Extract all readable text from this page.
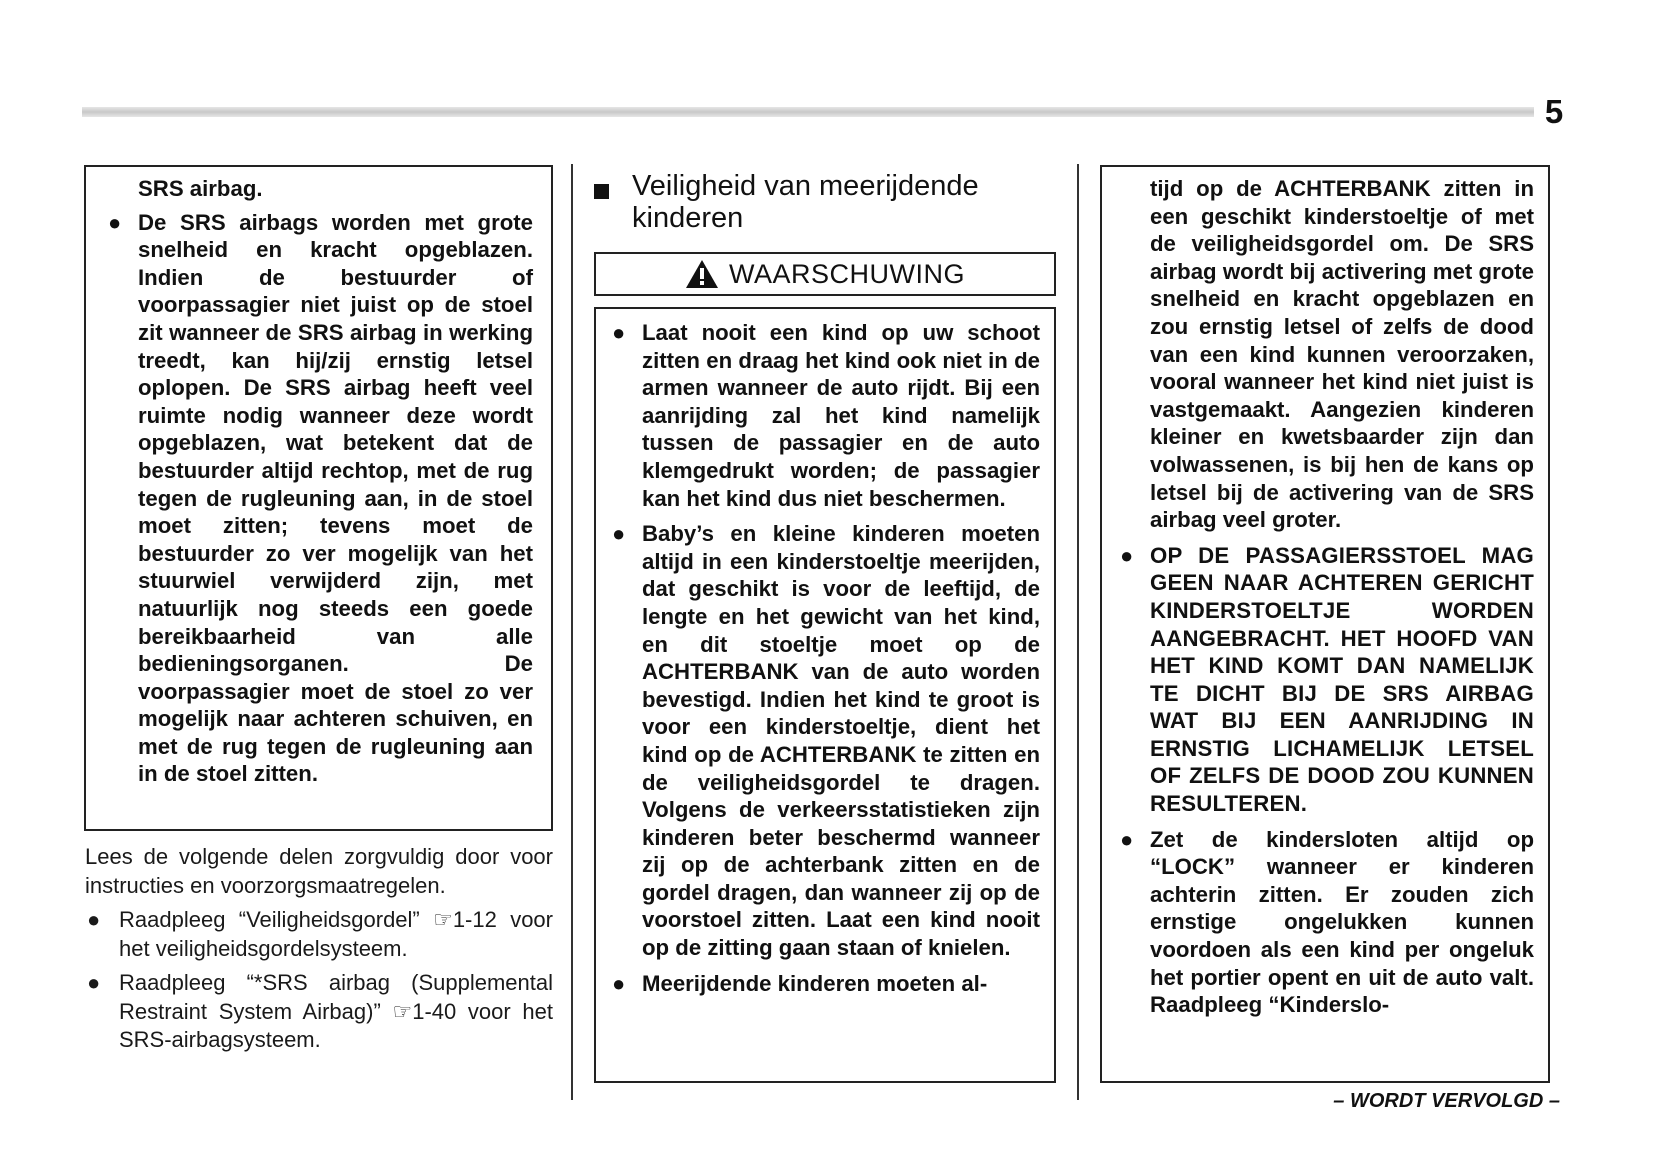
5

SRS airbag.

● De SRS airbags worden met grote snelheid en kracht opgeblazen. Indien de bestuurder of voorpassagier niet juist op de stoel zit wanneer de SRS airbag in werking treedt, kan hij/zij ernstig letsel oplopen. De SRS airbag heeft veel ruimte nodig wanneer deze wordt opgeblazen, wat betekent dat de bestuurder altijd rechtop, met de rug tegen de rugleuning aan, in de stoel moet zitten; tevens moet de bestuurder zo ver mogelijk van het stuurwiel verwijderd zijn, met natuurlijk nog steeds een goede bereikbaarheid van alle bedieningsorganen. De voorpassagier moet de stoel zo ver mogelijk naar achteren schuiven, en met de rug tegen de rugleuning aan in de stoel zitten.

Lees de volgende delen zorgvuldig door voor instructies en voorzorgsmaatregelen.

● Raadpleeg “Veiligheidsgordel” ☞1-12 voor het veiligheidsgordelsysteem.
● Raadpleeg “*SRS airbag (Supplemental Restraint System Airbag)” ☞1-40 voor het SRS-airbagsysteem.
Veiligheid van meerijdende kinderen
WAARSCHUWING
● Laat nooit een kind op uw schoot zitten en draag het kind ook niet in de armen wanneer de auto rijdt. Bij een aanrijding zal het kind namelijk tussen de passagier en de auto klemgedrukt worden; de passagier kan het kind dus niet beschermen.
● Baby’s en kleine kinderen moeten altijd in een kinderstoeltje meerijden, dat geschikt is voor de leeftijd, de lengte en het gewicht van het kind, en dit stoeltje moet op de ACHTERBANK van de auto worden bevestigd. Indien het kind te groot is voor een kinderstoeltje, dient het kind op de ACHTERBANK te zitten en de veiligheidsgordel te dragen. Volgens de verkeersstatistieken zijn kinderen beter beschermd wanneer zij op de achterbank zitten en de gordel dragen, dan wanneer zij op de voorstoel zitten. Laat een kind nooit op de zitting gaan staan of knielen.
● Meerijdende kinderen moeten al-

tijd op de ACHTERBANK zitten in een geschikt kinderstoeltje of met de veiligheidsgordel om. De SRS airbag wordt bij activering met grote snelheid en kracht opgeblazen en zou ernstig letsel of zelfs de dood van een kind kunnen veroorzaken, vooral wanneer het kind niet juist is vastgemaakt. Aangezien kinderen kleiner en kwetsbaarder zijn dan volwassenen, is bij hen de kans op letsel bij de activering van de SRS airbag veel groter.

● OP DE PASSAGIERSSTOEL MAG GEEN NAAR ACHTEREN GERICHT KINDERSTOELTJE WORDEN AANGEBRACHT. HET HOOFD VAN HET KIND KOMT DAN NAMELIJK TE DICHT BIJ DE SRS AIRBAG WAT BIJ EEN AANRIJDING IN ERNSTIG LICHAMELIJK LETSEL OF ZELFS DE DOOD ZOU KUNNEN RESULTEREN.
● Zet de kindersloten altijd op “LOCK” wanneer er kinderen achterin zitten. Er zouden zich ernstige ongelukken kunnen voordoen als een kind per ongeluk het portier opent en uit de auto valt. Raadpleeg “Kinderslo-
– WORDT VERVOLGD –
